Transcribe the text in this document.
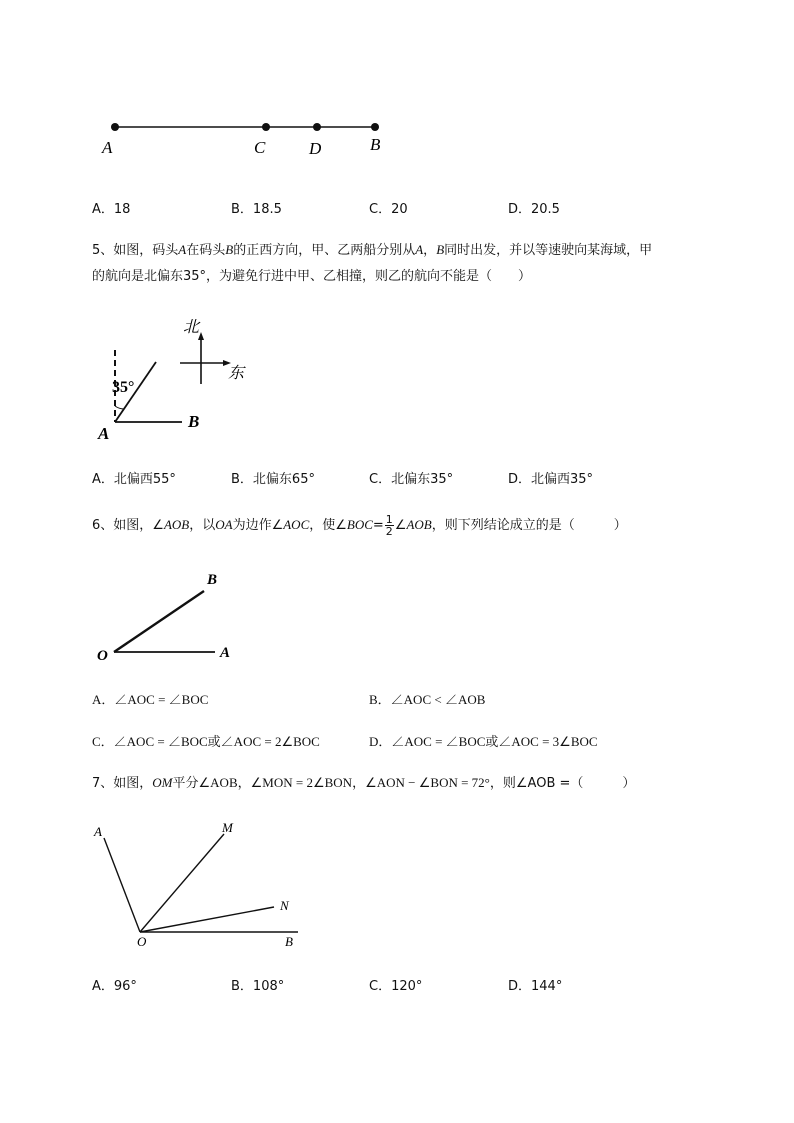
A	C	D	B
A．18	B．18.5	C．20	D．20.5
5、如图，码头A在码头B的正西方向，甲、乙两船分别从A，B同时出发，并以等速驶向某海域，甲
的航向是北偏东35°，为避免行进中甲、乙相撞，则乙的航向不能是（　　）
35°
A
B
北
东
A．北偏西55°	B．北偏东65°	C．北偏东35°	D．北偏西35°
6、如图，∠AOB，以OA为边作∠AOC，使∠BOC= $\frac{1}{2}$ ∠AOB，则下列结论成立的是（　　　）
B
O	A
A．∠AOC = ∠BOC	B．∠AOC < ∠AOB
C．∠AOC = ∠BOC或∠AOC = 2∠BOC	D．∠AOC = ∠BOC或∠AOC = 3∠BOC
7、如图，OM平分∠AOB，∠MON = 2∠BON，∠AON − ∠BON = 72°，则∠AOB =（　　　）
A	M
N
O	B
A．96°	B．108°	C．120°	D．144°
